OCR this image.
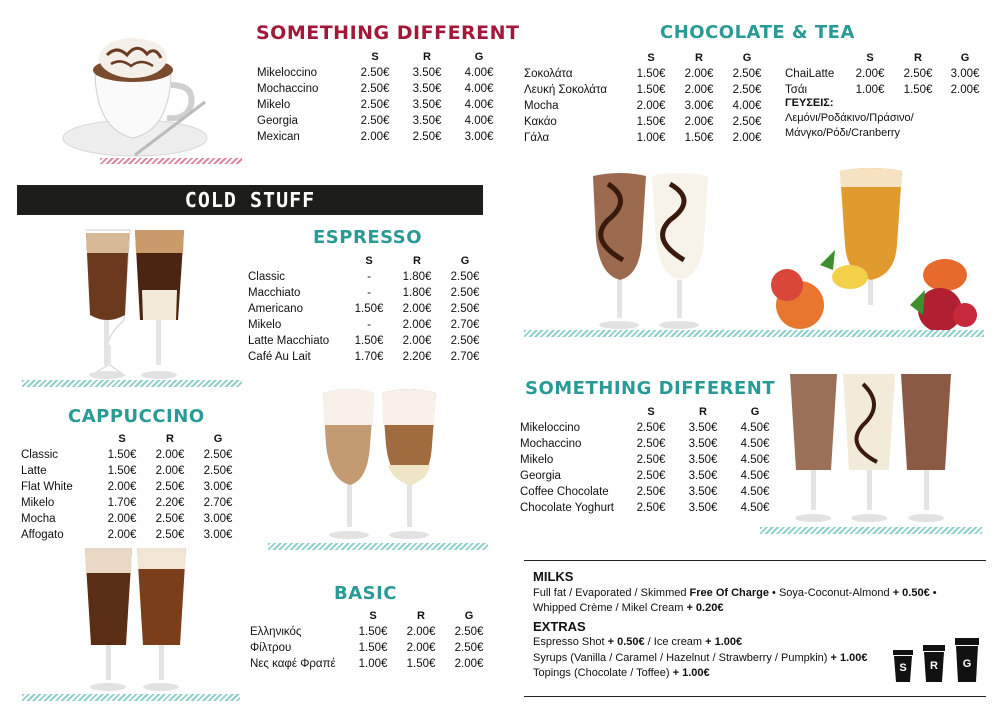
SOMETHING DIFFERENT
	S	R	G
Mikeloccino	2.50€	3.50€	4.00€
Mochaccino	2.50€	3.50€	4.00€
Mikelo	2.50€	3.50€	4.00€
Georgia	2.50€	3.50€	4.00€
Mexican	2.00€	2.50€	3.00€
COLD STUFF
ESPRESSO
	S	R	G
Classic	-	1.80€	2.50€
Macchiato	-	1.80€	2.50€
Americano	1.50€	2.00€	2.50€
Mikelo	-	2.00€	2.70€
Latte Macchiato	1.50€	2.00€	2.50€
Café Au Lait	1.70€	2.20€	2.70€
CAPPUCCINO
	S	R	G
Classic	1.50€	2.00€	2.50€
Latte	1.50€	2.00€	2.50€
Flat White	2.00€	2.50€	3.00€
Mikelo	1.70€	2.20€	2.70€
Mocha	2.00€	2.50€	3.00€
Affogato	2.00€	2.50€	3.00€
BASIC
	S	R	G
Ελληνικός	1.50€	2.00€	2.50€
Φίλτρου	1.50€	2.00€	2.50€
Νες καφέ Φραπέ	1.00€	1.50€	2.00€
CHOCOLATE & TEA
	S	R	G
Σοκολάτα	1.50€	2.00€	2.50€
Λευκή Σοκολάτα	1.50€	2.00€	2.50€
Mocha	2.00€	3.00€	4.00€
Κακάο	1.50€	2.00€	2.50€
Γάλα	1.00€	1.50€	2.00€
	S	R	G
ChaiLatte	2.00€	2.50€	3.00€
Τσάι	1.00€	1.50€	2.00€
ΓΕΥΣΕΙΣ:
Λεμόνι/Ροδάκινο/Πράσινο/
Μάνγκο/Ρόδι/Cranberry
SOMETHING DIFFERENT
	S	R	G
Mikeloccino	2.50€	3.50€	4.50€
Mochaccino	2.50€	3.50€	4.50€
Mikelo	2.50€	3.50€	4.50€
Georgia	2.50€	3.50€	4.50€
Coffee Chocolate	2.50€	3.50€	4.50€
Chocolate Yoghurt	2.50€	3.50€	4.50€
MILKS
Full fat / Evaporated / Skimmed Free Of Charge • Soya-Coconut-Almond + 0.50€ •
Whipped Crème / Mikel Cream + 0.20€
EXTRAS
Espresso Shot + 0.50€ / Ice cream + 1.00€
Syrups (Vanilla / Caramel / Hazelnut / Strawberry / Pumpkin) + 1.00€
Topings (Chocolate / Toffee) + 1.00€	S	R	G
